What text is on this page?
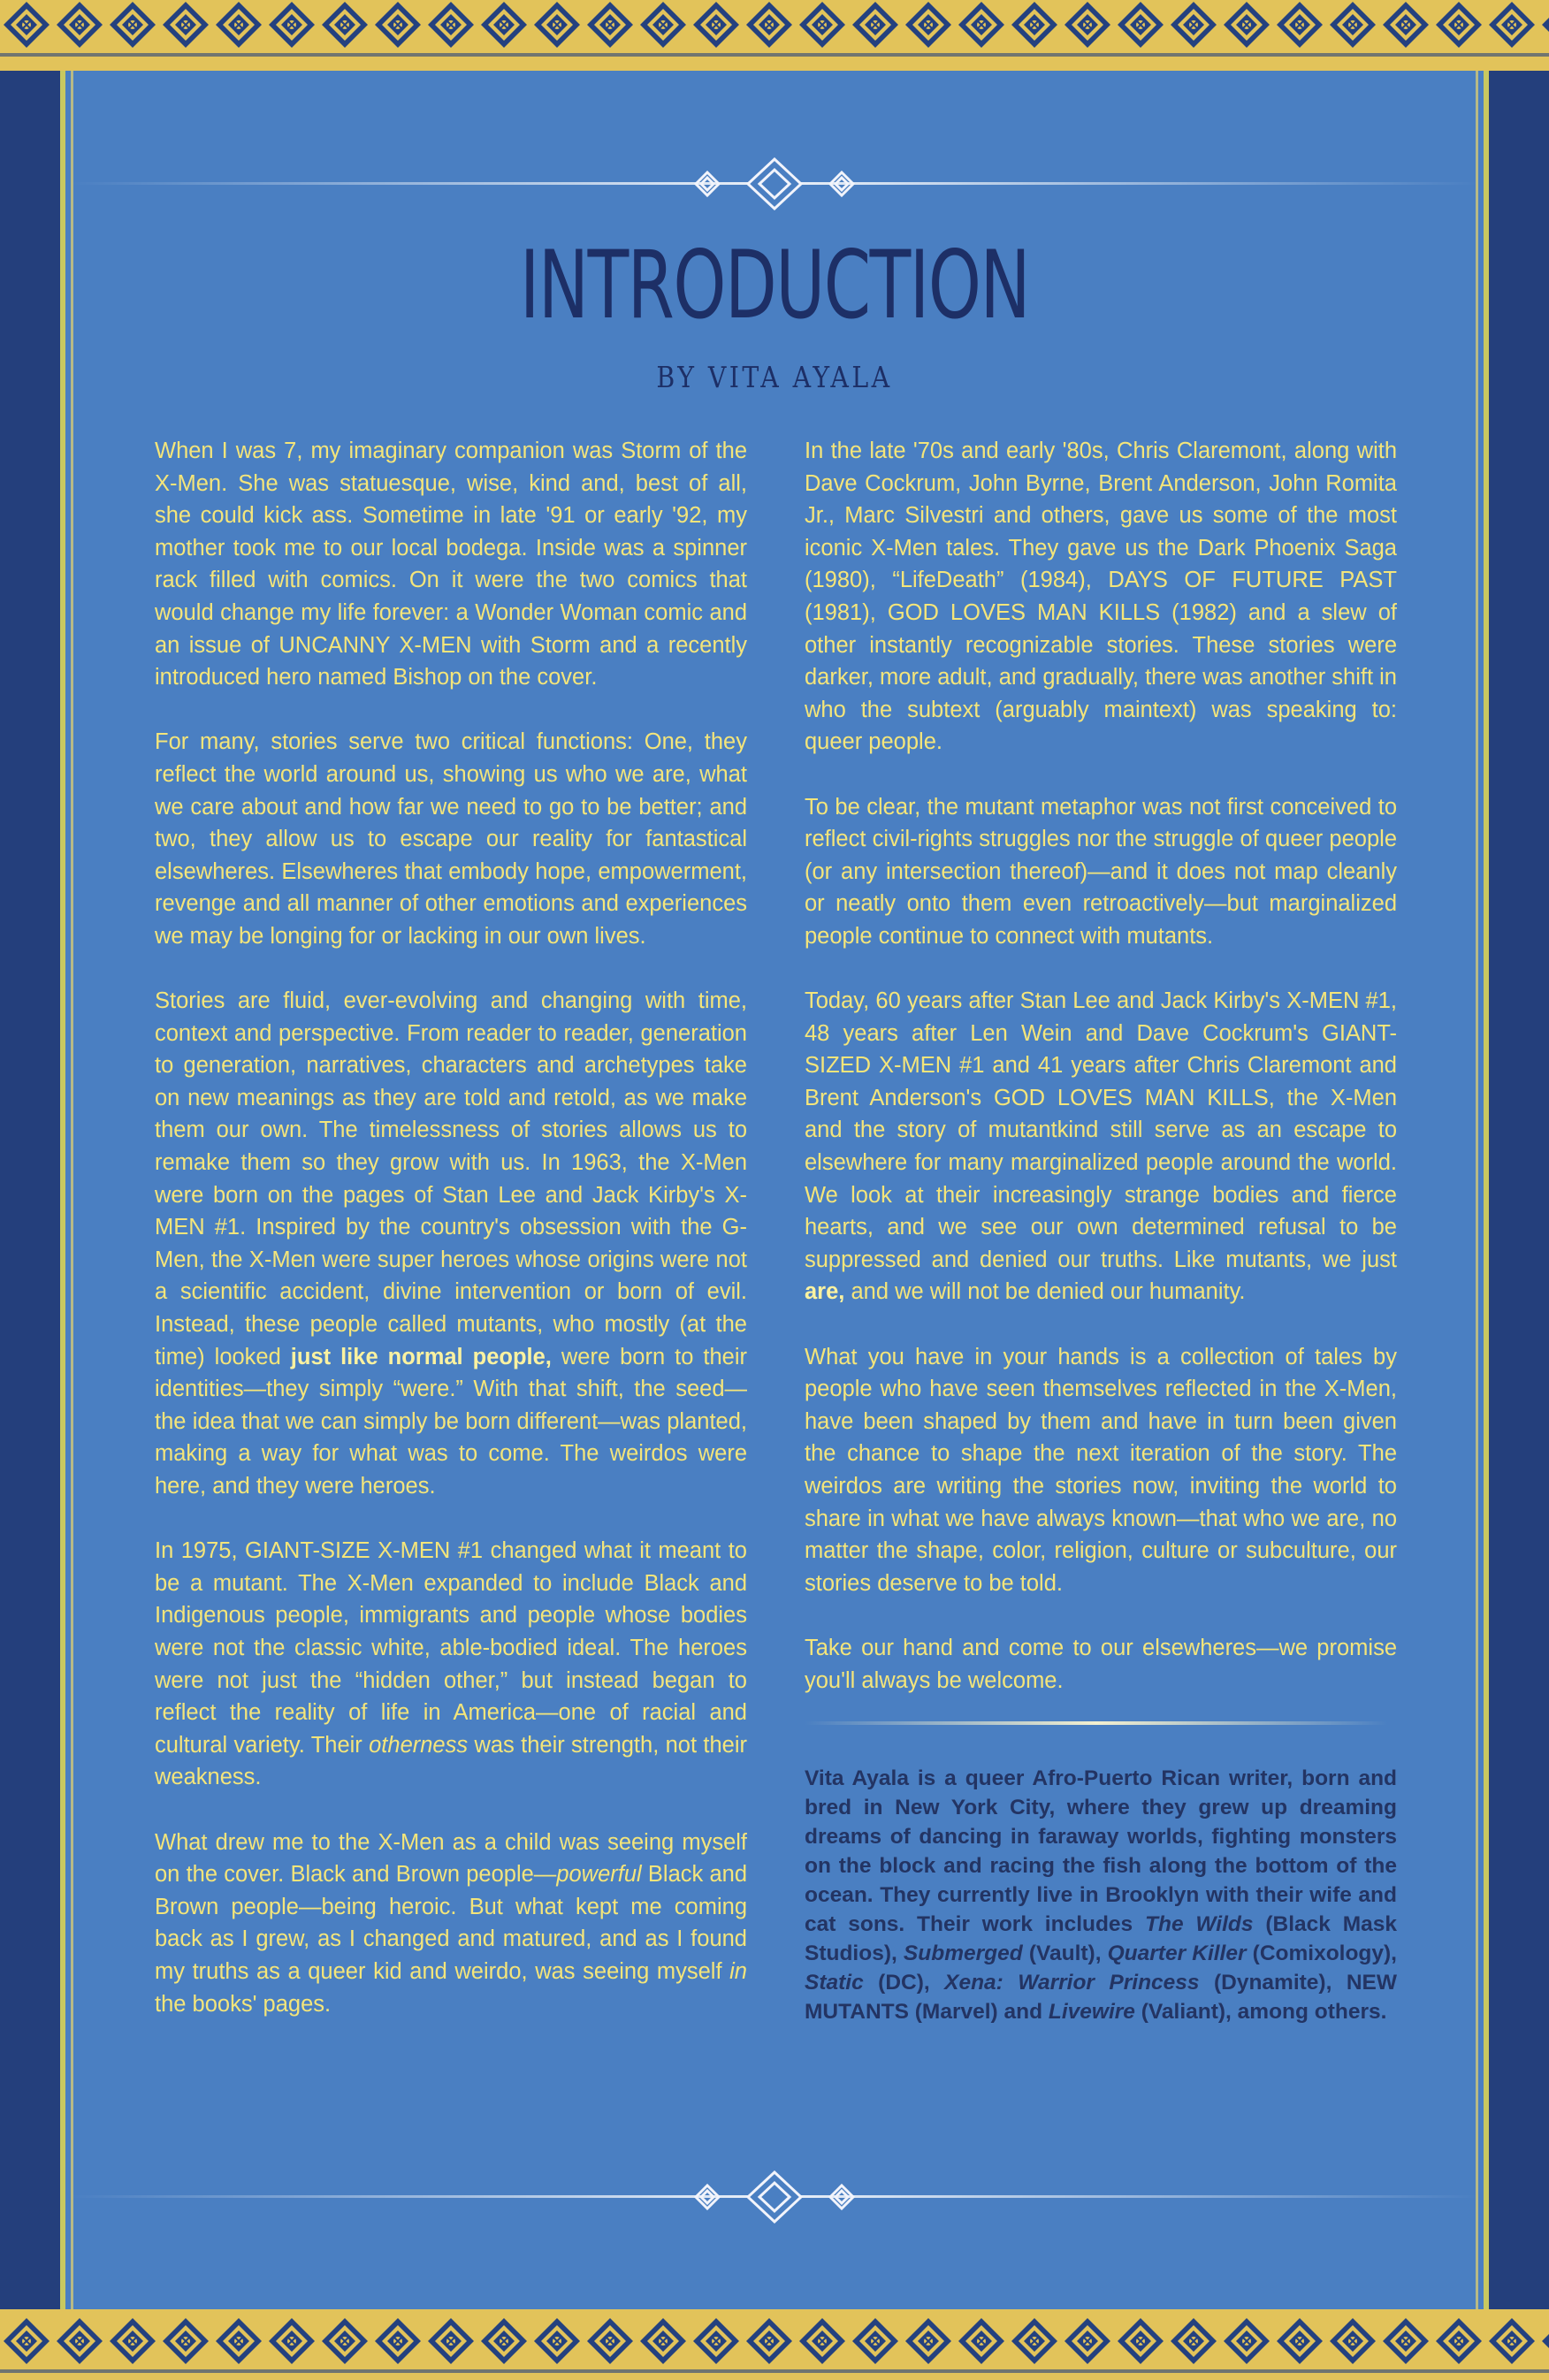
INTRODUCTION
BY VITA AYALA

When I was 7, my imaginary companion was Storm of the X-Men. She was statuesque, wise, kind and, best of all, she could kick ass. Sometime in late '91 or early '92, my mother took me to our local bodega. Inside was a spinner rack filled with comics. On it were the two comics that would change my life forever: a Wonder Woman comic and an issue of UNCANNY X-MEN with Storm and a recently introduced hero named Bishop on the cover.

For many, stories serve two critical functions: One, they reflect the world around us, showing us who we are, what we care about and how far we need to go to be better; and two, they allow us to escape our reality for fantastical elsewheres. Elsewheres that embody hope, empowerment, revenge and all manner of other emotions and experiences we may be longing for or lacking in our own lives.

Stories are fluid, ever-evolving and changing with time, context and perspective. From reader to reader, generation to generation, narratives, characters and archetypes take on new meanings as they are told and retold, as we make them our own. The timelessness of stories allows us to remake them so they grow with us. In 1963, the X-Men were born on the pages of Stan Lee and Jack Kirby's X-MEN #1. Inspired by the country's obsession with the G-Men, the X-Men were super heroes whose origins were not a scientific accident, divine intervention or born of evil. Instead, these people called mutants, who mostly (at the time) looked just like normal people, were born to their identities—they simply “were.” With that shift, the seed—the idea that we can simply be born different—was planted, making a way for what was to come. The weirdos were here, and they were heroes.

In 1975, GIANT-SIZE X-MEN #1 changed what it meant to be a mutant. The X-Men expanded to include Black and Indigenous people, immigrants and people whose bodies were not the classic white, able-bodied ideal. The heroes were not just the “hidden other,” but instead began to reflect the reality of life in America—one of racial and cultural variety. Their otherness was their strength, not their weakness.

What drew me to the X-Men as a child was seeing myself on the cover. Black and Brown people—powerful Black and Brown people—being heroic. But what kept me coming back as I grew, as I changed and matured, and as I found my truths as a queer kid and weirdo, was seeing myself in the books' pages.

In the late '70s and early '80s, Chris Claremont, along with Dave Cockrum, John Byrne, Brent Anderson, John Romita Jr., Marc Silvestri and others, gave us some of the most iconic X-Men tales. They gave us the Dark Phoenix Saga (1980), “LifeDeath” (1984), DAYS OF FUTURE PAST (1981), GOD LOVES MAN KILLS (1982) and a slew of other instantly recognizable stories. These stories were darker, more adult, and gradually, there was another shift in who the subtext (arguably maintext) was speaking to: queer people.

To be clear, the mutant metaphor was not first conceived to reflect civil-rights struggles nor the struggle of queer people (or any intersection thereof)—and it does not map cleanly or neatly onto them even retroactively—but marginalized people continue to connect with mutants.

Today, 60 years after Stan Lee and Jack Kirby's X-MEN #1, 48 years after Len Wein and Dave Cockrum's GIANT-SIZED X-MEN #1 and 41 years after Chris Claremont and Brent Anderson's GOD LOVES MAN KILLS, the X-Men and the story of mutantkind still serve as an escape to elsewhere for many marginalized people around the world. We look at their increasingly strange bodies and fierce hearts, and we see our own determined refusal to be suppressed and denied our truths. Like mutants, we just are, and we will not be denied our humanity.

What you have in your hands is a collection of tales by people who have seen themselves reflected in the X-Men, have been shaped by them and have in turn been given the chance to shape the next iteration of the story. The weirdos are writing the stories now, inviting the world to share in what we have always known—that who we are, no matter the shape, color, religion, culture or subculture, our stories deserve to be told.

Take our hand and come to our elsewheres—we promise you'll always be welcome.

Vita Ayala is a queer Afro-Puerto Rican writer, born and bred in New York City, where they grew up dreaming dreams of dancing in faraway worlds, fighting monsters on the block and racing the fish along the bottom of the ocean. They currently live in Brooklyn with their wife and cat sons. Their work includes The Wilds (Black Mask Studios), Submerged (Vault), Quarter Killer (Comixology), Static (DC), Xena: Warrior Princess (Dynamite), NEW MUTANTS (Marvel) and Livewire (Valiant), among others.
